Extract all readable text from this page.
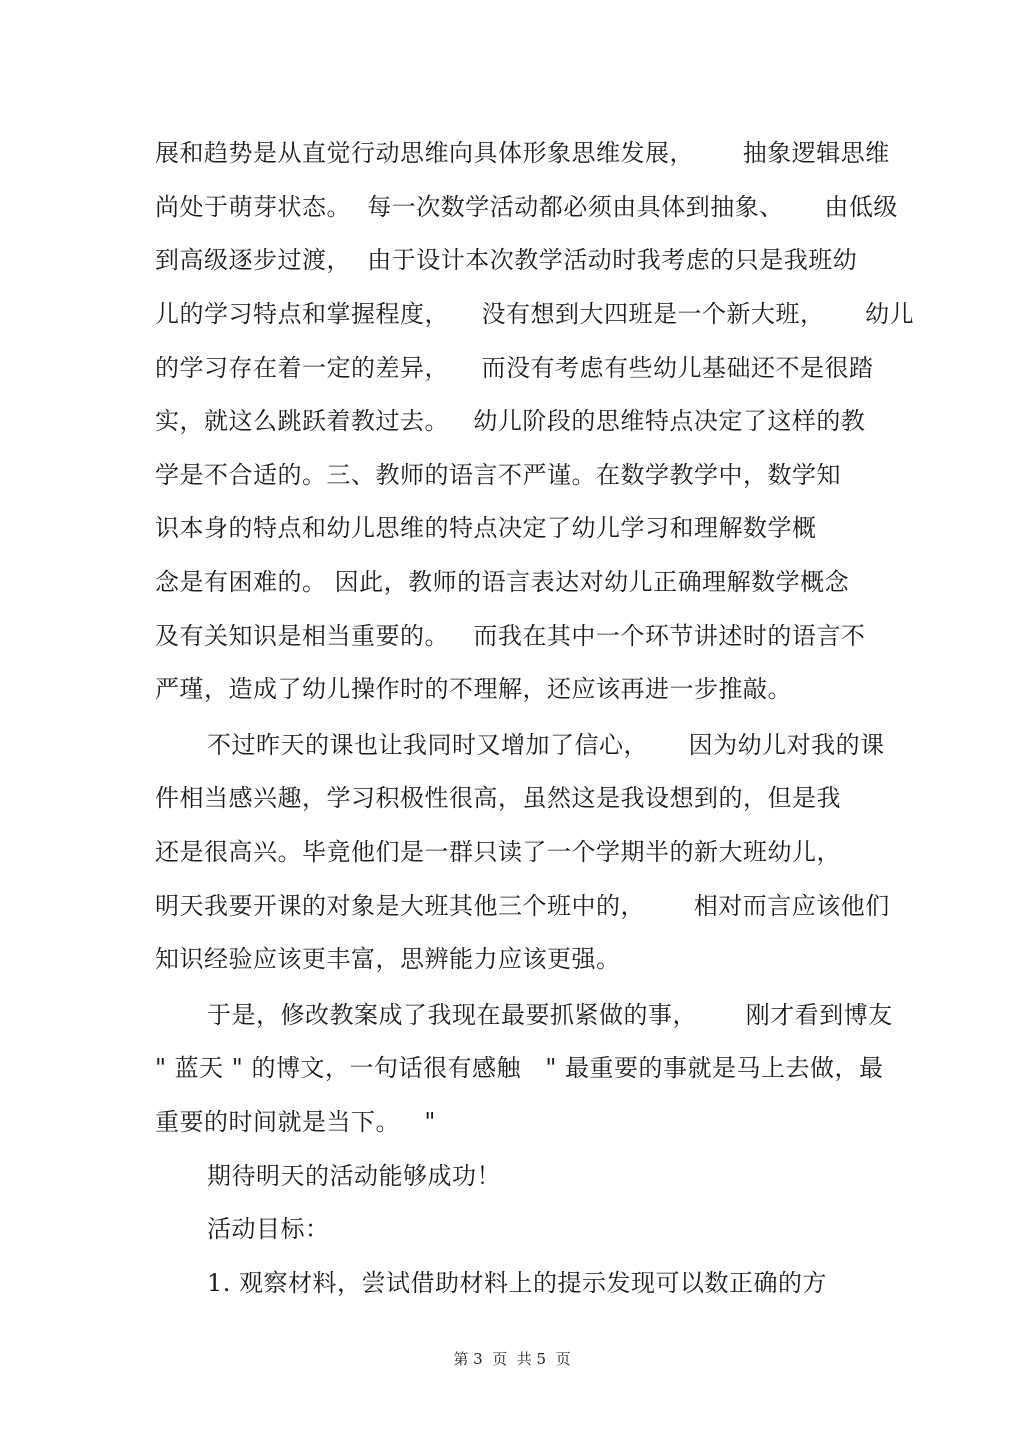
展和趋势是从直觉行动思维向具体形象思维发展，      抽象逻辑思维
尚处于萌芽状态。  每一次数学活动都必须由具体到抽象、     由低级
到高级逐步过渡，  由于设计本次教学活动时我考虑的只是我班幼
儿的学习特点和掌握程度，    没有想到大四班是一个新大班，     幼儿
的学习存在着一定的差异，    而没有考虑有些幼儿基础还不是很踏
实，就这么跳跃着教过去。   幼儿阶段的思维特点决定了这样的教
学是不合适的。三、教师的语言不严谨。在数学教学中，数学知
识本身的特点和幼儿思维的特点决定了幼儿学习和理解数学概
念是有困难的。 因此，教师的语言表达对幼儿正确理解数学概念
及有关知识是相当重要的。   而我在其中一个环节讲述时的语言不
严瑾，造成了幼儿操作时的不理解，还应该再进一步推敲。
不过昨天的课也让我同时又增加了信心，     因为幼儿对我的课
件相当感兴趣，学习积极性很高，虽然这是我设想到的，但是我
还是很高兴。毕竟他们是一群只读了一个学期半的新大班幼儿，
明天我要开课的对象是大班其他三个班中的，      相对而言应该他们
知识经验应该更丰富，思辨能力应该更强。
于是，修改教案成了我现在最要抓紧做的事，      刚才看到博友
" 蓝天 " 的博文，一句话很有感触   " 最重要的事就是马上去做，最
重要的时间就是当下。   "
期待明天的活动能够成功！
活动目标：
1. 观察材料，尝试借助材料上的提示发现可以数正确的方
第 3  页  共 5  页
